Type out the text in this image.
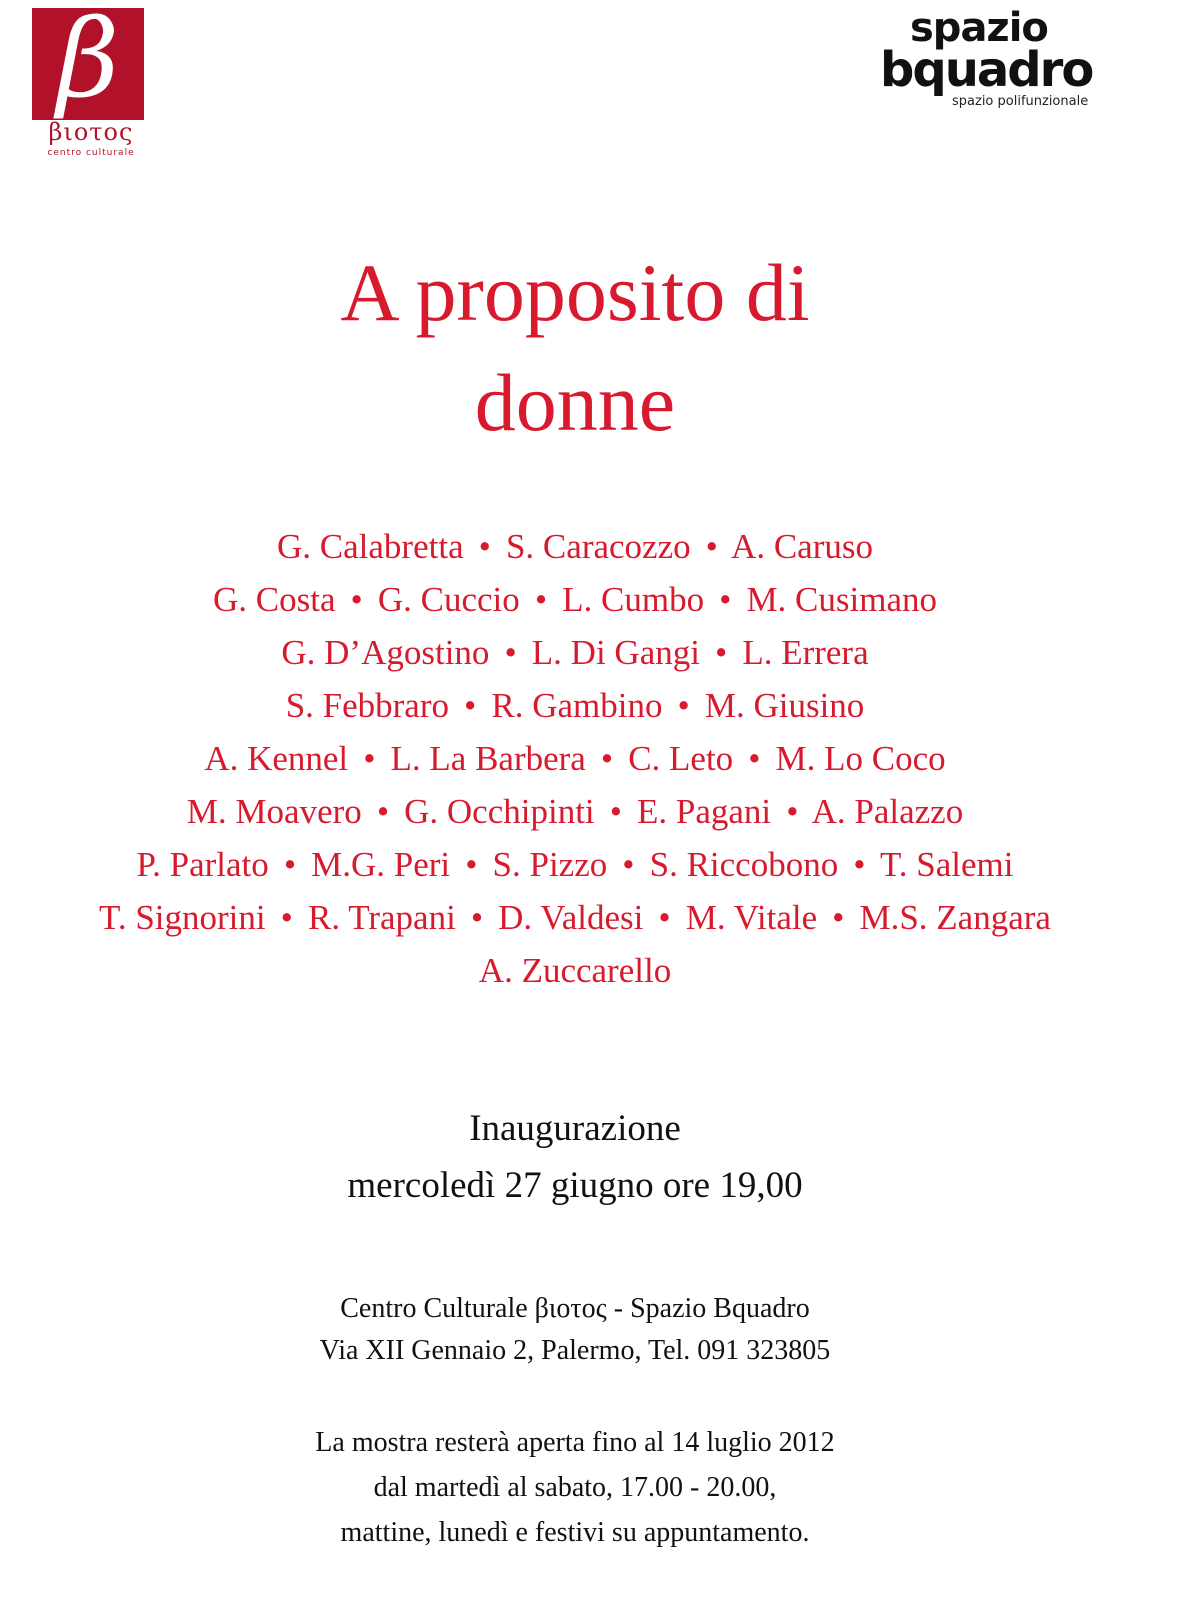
β
βιοτος
centro culturale
spazio
bquadro
spazio polifunzionale
A proposito di
donne
G. Calabretta • S. Caracozzo • A. Caruso
G. Costa • G. Cuccio • L. Cumbo • M. Cusimano
G. D’Agostino • L. Di Gangi • L. Errera
S. Febbraro • R. Gambino • M. Giusino
A. Kennel • L. La Barbera • C. Leto • M. Lo Coco
M. Moavero • G. Occhipinti • E. Pagani • A. Palazzo
P. Parlato • M.G. Peri • S. Pizzo • S. Riccobono • T. Salemi
T. Signorini • R. Trapani • D. Valdesi • M. Vitale • M.S. Zangara
A. Zuccarello
Inaugurazione
mercoledì 27 giugno ore 19,00
Centro Culturale βιοτος - Spazio Bquadro
Via XII Gennaio 2, Palermo, Tel. 091 323805
La mostra resterà aperta fino al 14 luglio 2012
dal martedì al sabato, 17.00 - 20.00,
mattine, lunedì e festivi su appuntamento.
